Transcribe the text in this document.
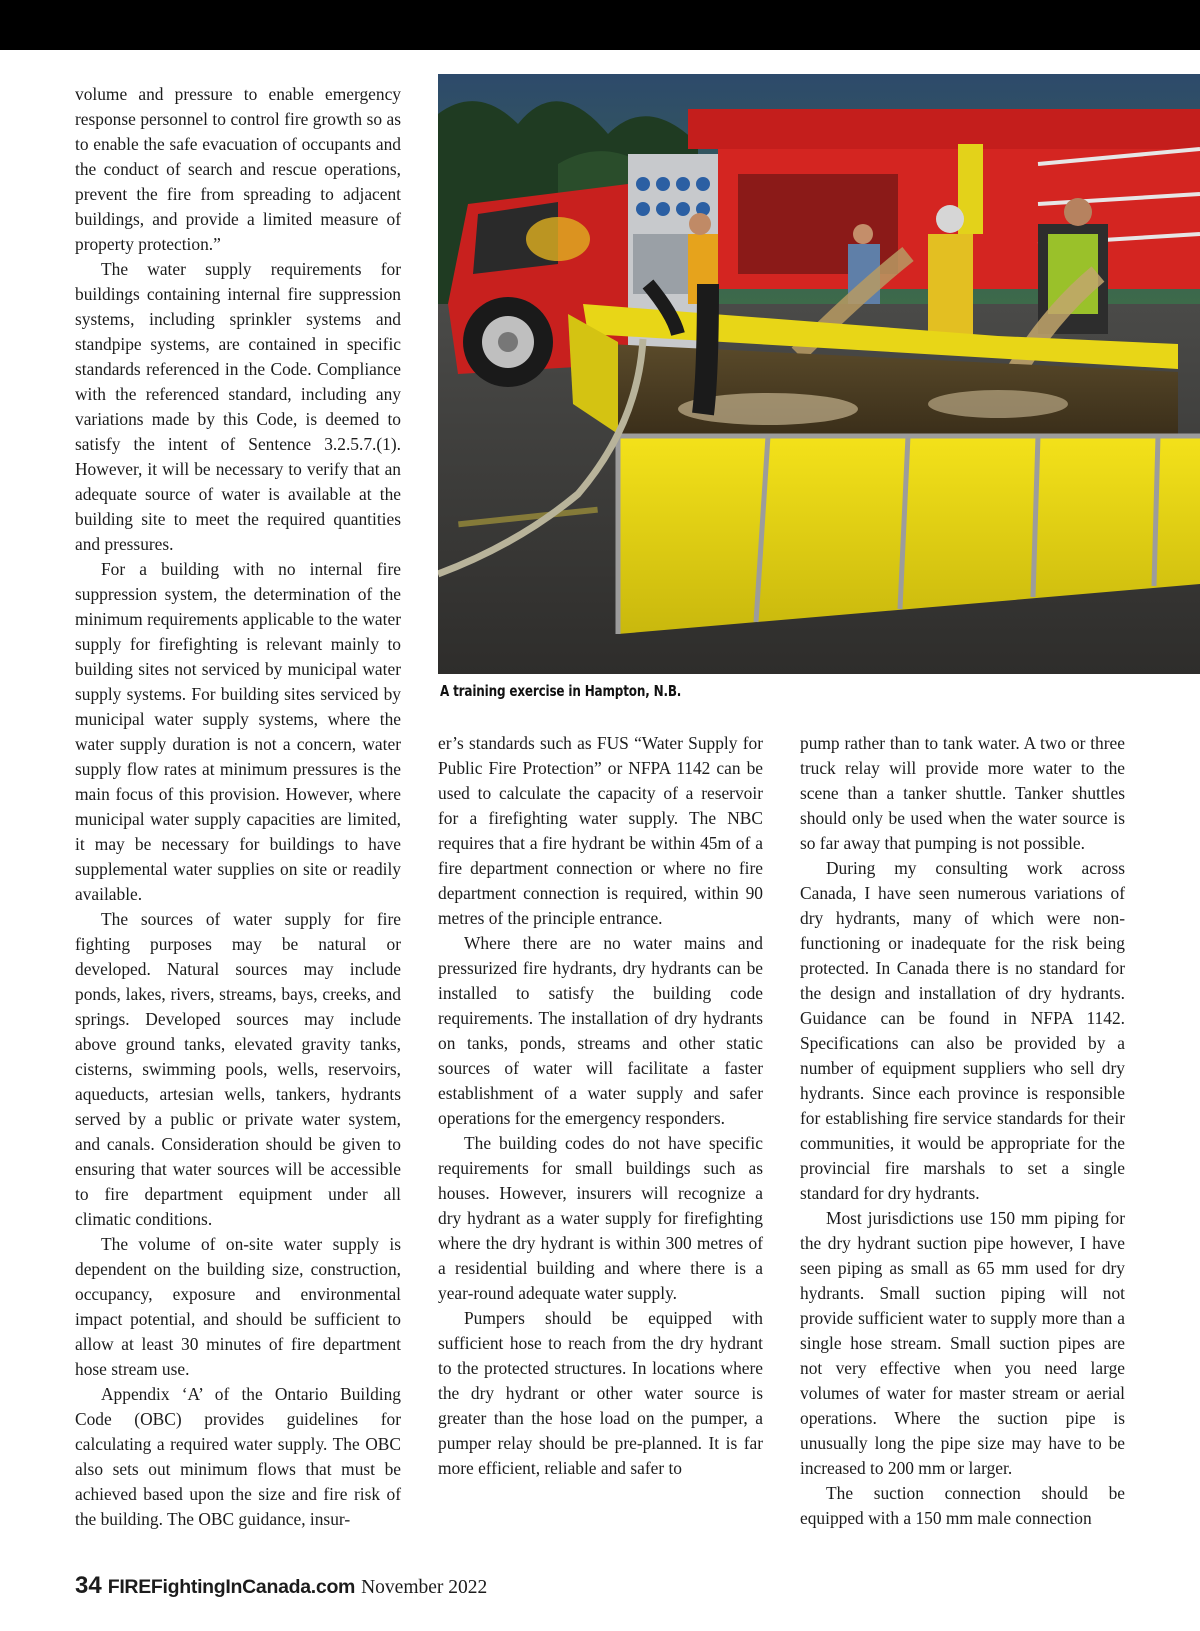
volume and pressure to enable emergency response personnel to control fire growth so as to enable the safe evacuation of occupants and the conduct of search and rescue operations, prevent the fire from spreading to adjacent buildings, and provide a limited measure of property protection.”

The water supply requirements for buildings containing internal fire suppression systems, including sprinkler systems and standpipe systems, are contained in specific standards referenced in the Code. Compliance with the referenced standard, including any variations made by this Code, is deemed to satisfy the intent of Sentence 3.2.5.7.(1). However, it will be necessary to verify that an adequate source of water is available at the building site to meet the required quantities and pressures.

For a building with no internal fire suppression system, the determination of the minimum requirements applicable to the water supply for firefighting is relevant mainly to building sites not serviced by municipal water supply systems. For building sites serviced by municipal water supply systems, where the water supply duration is not a concern, water supply flow rates at minimum pressures is the main focus of this provision. However, where municipal water supply capacities are limited, it may be necessary for buildings to have supplemental water supplies on site or readily available.

The sources of water supply for fire fighting purposes may be natural or developed. Natural sources may include ponds, lakes, rivers, streams, bays, creeks, and springs. Developed sources may include above ground tanks, elevated gravity tanks, cisterns, swimming pools, wells, reservoirs, aqueducts, artesian wells, tankers, hydrants served by a public or private water system, and canals. Consideration should be given to ensuring that water sources will be accessible to fire department equipment under all climatic conditions.

The volume of on-site water supply is dependent on the building size, construction, occupancy, exposure and environmental impact potential, and should be sufficient to allow at least 30 minutes of fire department hose stream use.

Appendix ‘A’ of the Ontario Building Code (OBC) provides guidelines for calculating a required water supply. The OBC also sets out minimum flows that must be achieved based upon the size and fire risk of the building. The OBC guidance, insur-

A training exercise in Hampton, N.B.

er’s standards such as FUS “Water Supply for Public Fire Protection” or NFPA 1142 can be used to calculate the capacity of a reservoir for a firefighting water supply. The NBC requires that a fire hydrant be within 45m of a fire department connection or where no fire department connection is required, within 90 metres of the principle entrance.

Where there are no water mains and pressurized fire hydrants, dry hydrants can be installed to satisfy the building code requirements. The installation of dry hydrants on tanks, ponds, streams and other static sources of water will facilitate a faster establishment of a water supply and safer operations for the emergency responders.

The building codes do not have specific requirements for small buildings such as houses. However, insurers will recognize a dry hydrant as a water supply for firefighting where the dry hydrant is within 300 metres of a residential building and where there is a year-round adequate water supply.

Pumpers should be equipped with sufficient hose to reach from the dry hydrant to the protected structures. In locations where the dry hydrant or other water source is greater than the hose load on the pumper, a pumper relay should be pre-planned. It is far more efficient, reliable and safer to

pump rather than to tank water. A two or three truck relay will provide more water to the scene than a tanker shuttle. Tanker shuttles should only be used when the water source is so far away that pumping is not possible.

During my consulting work across Canada, I have seen numerous variations of dry hydrants, many of which were non-functioning or inadequate for the risk being protected. In Canada there is no standard for the design and installation of dry hydrants. Guidance can be found in NFPA 1142. Specifications can also be provided by a number of equipment suppliers who sell dry hydrants. Since each province is responsible for establishing fire service standards for their communities, it would be appropriate for the provincial fire marshals to set a single standard for dry hydrants.

Most jurisdictions use 150 mm piping for the dry hydrant suction pipe however, I have seen piping as small as 65 mm used for dry hydrants. Small suction piping will not provide sufficient water to supply more than a single hose stream. Small suction pipes are not very effective when you need large volumes of water for master stream or aerial operations. Where the suction pipe is unusually long the pipe size may have to be increased to 200 mm or larger.

The suction connection should be equipped with a 150 mm male connection

34 FIREFightingInCanada.com November 2022
